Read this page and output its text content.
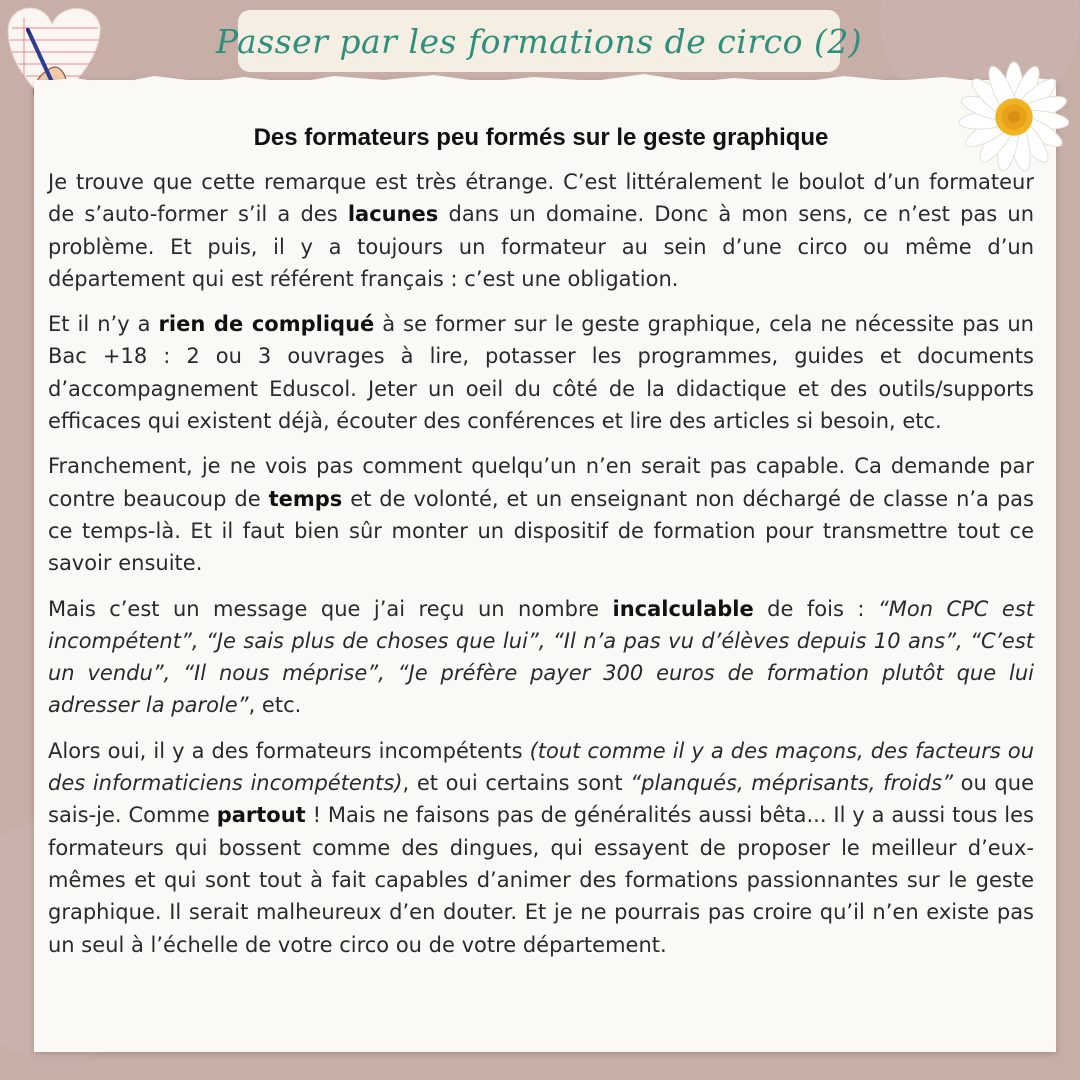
Passer par les formations de circo (2)
Des formateurs peu formés sur le geste graphique

Je trouve que cette remarque est très étrange. C’est littéralement le boulot d’un formateur de s’auto-former s’il a des lacunes dans un domaine. Donc à mon sens, ce n’est pas un problème. Et puis, il y a toujours un formateur au sein d’une circo ou même d’un département qui est référent français : c’est une obligation.

Et il n’y a rien de compliqué à se former sur le geste graphique, cela ne nécessite pas un Bac +18 : 2 ou 3 ouvrages à lire, potasser les programmes, guides et documents d’accompagnement Eduscol. Jeter un oeil du côté de la didactique et des outils/supports efficaces qui existent déjà, écouter des conférences et lire des articles si besoin, etc.

Franchement, je ne vois pas comment quelqu’un n’en serait pas capable. Ca demande par contre beaucoup de temps et de volonté, et un enseignant non déchargé de classe n’a pas ce temps-là. Et il faut bien sûr monter un dispositif de formation pour transmettre tout ce savoir ensuite.

Mais c’est un message que j’ai reçu un nombre incalculable de fois : “Mon CPC est incompétent”, “Je sais plus de choses que lui”, “Il n’a pas vu d’élèves depuis 10 ans”, “C’est un vendu”, “Il nous méprise”, “Je préfère payer 300 euros de formation plutôt que lui adresser la parole”, etc.

Alors oui, il y a des formateurs incompétents (tout comme il y a des maçons, des facteurs ou des informaticiens incompétents), et oui certains sont “planqués, méprisants, froids” ou que sais-je. Comme partout ! Mais ne faisons pas de généralités aussi bêta... Il y a aussi tous les formateurs qui bossent comme des dingues, qui essayent de proposer le meilleur d’eux-mêmes et qui sont tout à fait capables d’animer des formations passionnantes sur le geste graphique. Il serait malheureux d’en douter. Et je ne pourrais pas croire qu’il n’en existe pas un seul à l’échelle de votre circo ou de votre département.
